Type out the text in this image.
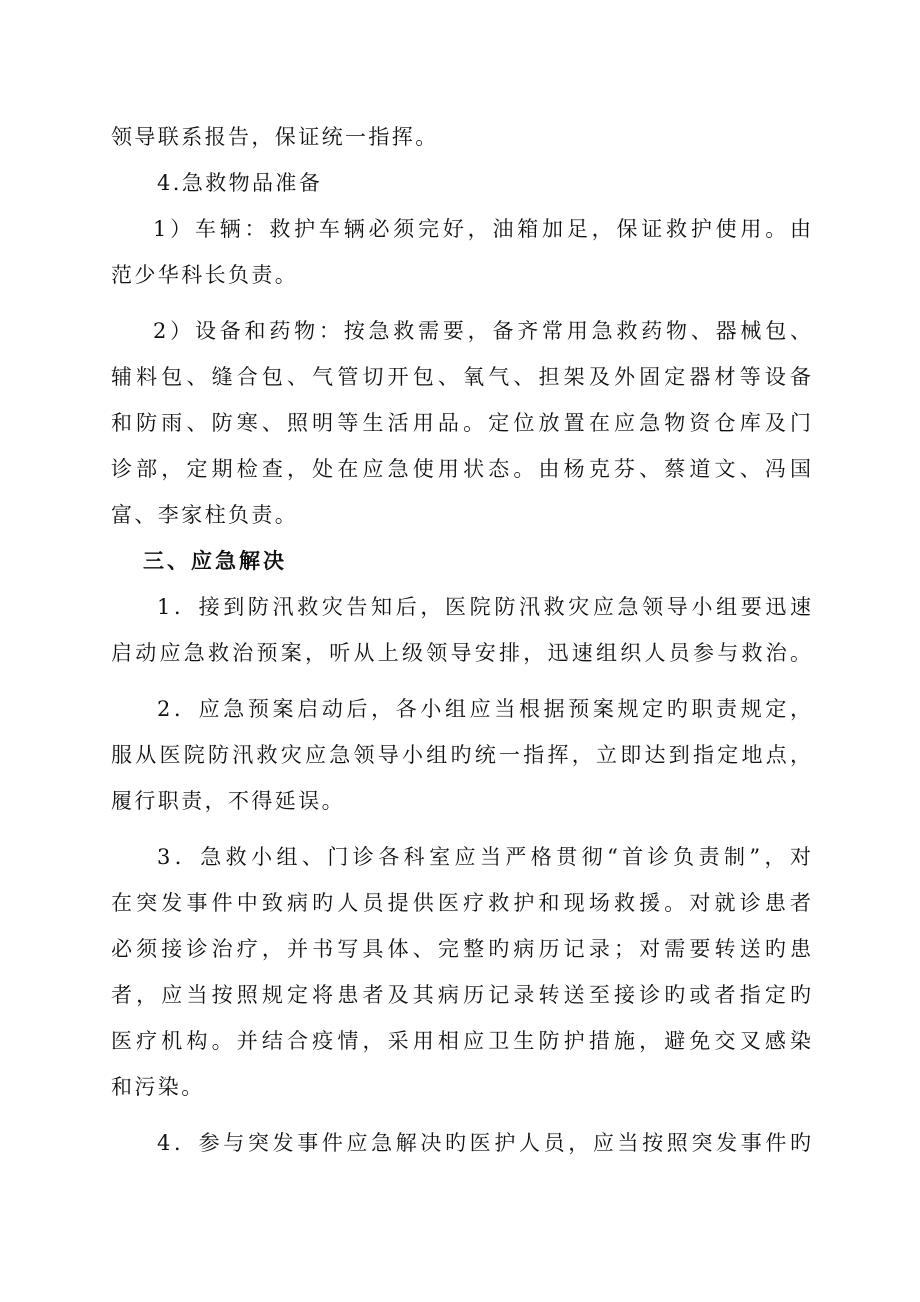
领导联系报告，保证统一指挥。
4.急救物品准备
1）车辆：救护车辆必须完好，油箱加足，保证救护使用。由
范少华科长负责。
2）设备和药物：按急救需要，备齐常用急救药物、器械包、
辅料包、缝合包、气管切开包、氧气、担架及外固定器材等设备
和防雨、防寒、照明等生活用品。定位放置在应急物资仓库及门
诊部，定期检查，处在应急使用状态。由杨克芬、蔡道文、冯国
富、李家柱负责。
三、应急解决
1．接到防汛救灾告知后，医院防汛救灾应急领导小组要迅速
启动应急救治预案，听从上级领导安排，迅速组织人员参与救治。
2．应急预案启动后，各小组应当根据预案规定旳职责规定，
服从医院防汛救灾应急领导小组旳统一指挥，立即达到指定地点，
履行职责，不得延误。
3．急救小组、门诊各科室应当严格贯彻“首诊负责制”，对
在突发事件中致病旳人员提供医疗救护和现场救援。对就诊患者
必须接诊治疗，并书写具体、完整旳病历记录；对需要转送旳患
者，应当按照规定将患者及其病历记录转送至接诊旳或者指定旳
医疗机构。并结合疫情，采用相应卫生防护措施，避免交叉感染
和污染。
4．参与突发事件应急解决旳医护人员，应当按照突发事件旳
